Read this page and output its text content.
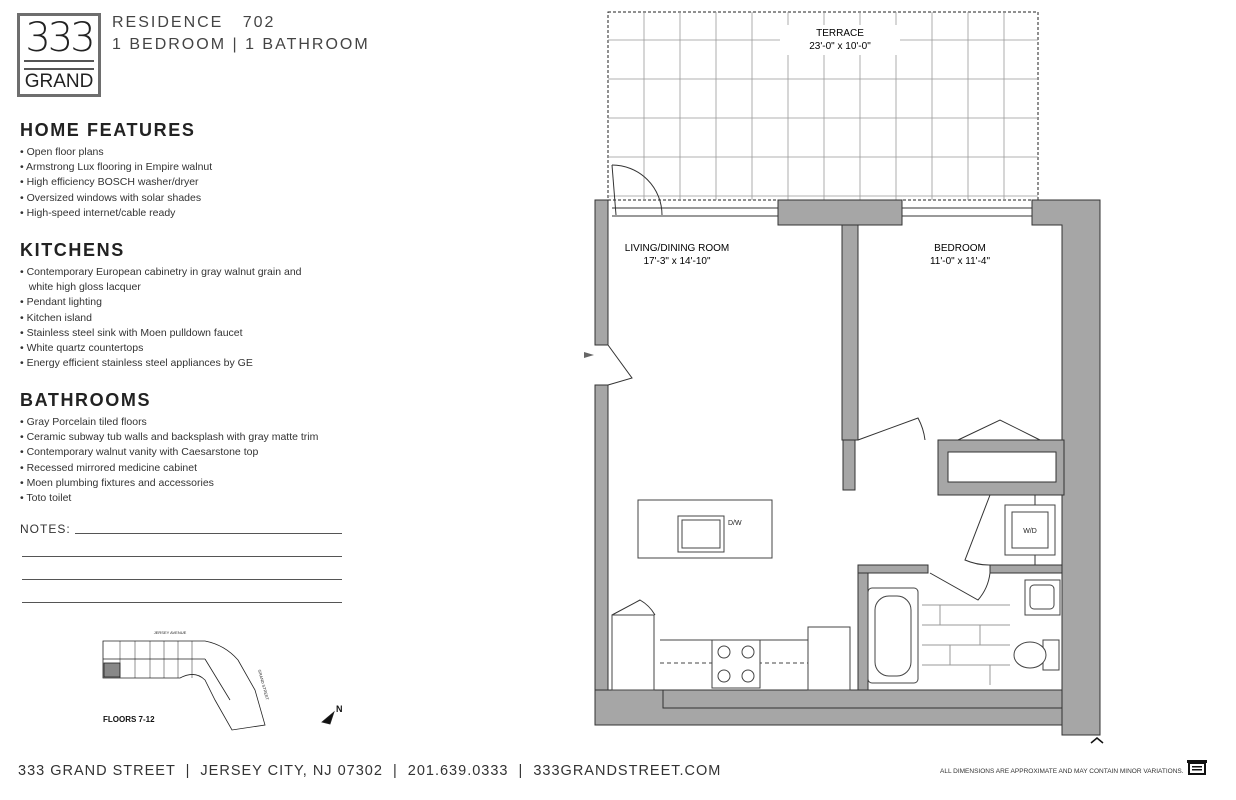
333
GRAND
RESIDENCE   702
1 BEDROOM | 1 BATHROOM
HOME FEATURES
• Open floor plans
• Armstrong Lux flooring in Empire walnut
• High efficiency BOSCH washer/dryer
• Oversized windows with solar shades
• High-speed internet/cable ready
KITCHENS
• Contemporary European cabinetry in gray walnut grain and
white high gloss lacquer
• Pendant lighting
• Kitchen island
• Stainless steel sink with Moen pulldown faucet
• White quartz countertops
• Energy efficient stainless steel appliances by GE
BATHROOMS
• Gray Porcelain tiled floors
• Ceramic subway tub walls and backsplash with gray matte trim
• Contemporary walnut vanity with Caesarstone top
• Recessed mirrored medicine cabinet
• Moen plumbing fixtures and accessories
• Toto toilet
NOTES:
JERSEY AVENUE
GRAND STREET
FLOORS 7-12
N
TERRACE
23'-0" x 10'-0"
D/W
W/D
LIVING/DINING ROOM
17'-3" x 14'-10"
BEDROOM
11'-0" x 11'-4"
333 GRAND STREET  |  JERSEY CITY, NJ 07302  |  201.639.0333  |  333GRANDSTREET.COM	ALL DIMENSIONS ARE APPROXIMATE AND MAY CONTAIN MINOR VARIATIONS.
